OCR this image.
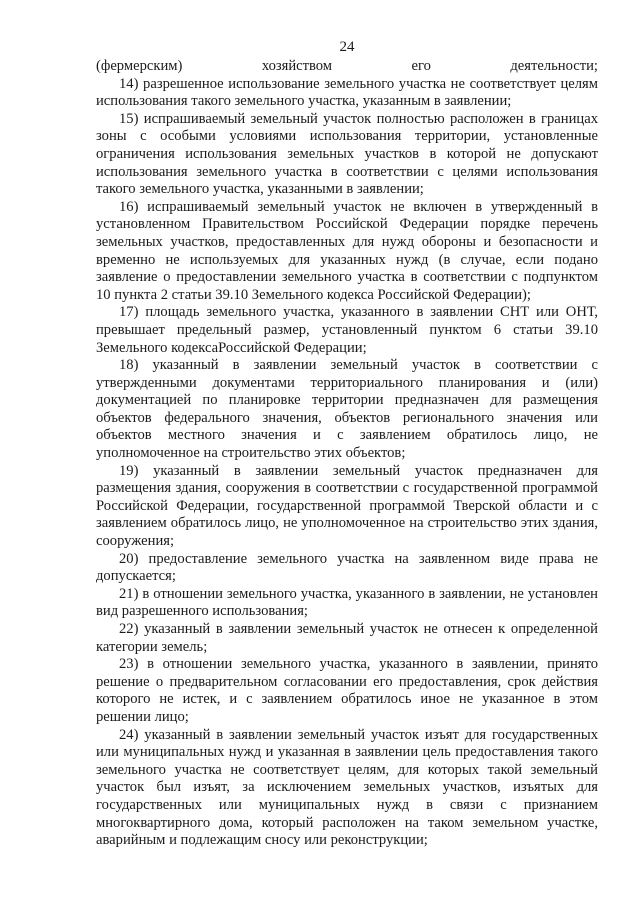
24

(фермерским) хозяйством его деятельности;

14) разрешенное использование земельного участка не соответствует целям использования такого земельного участка, указанным в заявлении;

15) испрашиваемый земельный участок полностью расположен в границах зоны с особыми условиями использования территории, установленные ограничения использования земельных участков в которой не допускают использования земельного участка в соответствии с целями использования такого земельного участка, указанными в заявлении;

16) испрашиваемый земельный участок не включен в утвержденный в установленном Правительством Российской Федерации порядке перечень земельных участков, предоставленных для нужд обороны и безопасности и временно не используемых для указанных нужд (в случае, если подано заявление о предоставлении земельного участка в соответствии с подпунктом 10 пункта 2 статьи 39.10 Земельного кодекса Российской Федерации);

17) площадь земельного участка, указанного в заявлении СНТ или ОНТ, превышает предельный размер, установленный пунктом 6 статьи 39.10 Земельного кодексаРоссийской Федерации;

18) указанный в заявлении земельный участок в соответствии с утвержденными документами территориального планирования и (или) документацией по планировке территории предназначен для размещения объектов федерального значения, объектов регионального значения или объектов местного значения и с заявлением обратилось лицо, не уполномоченное на строительство этих объектов;

19) указанный в заявлении земельный участок предназначен для размещения здания, сооружения в соответствии с государственной программой Российской Федерации, государственной программой Тверской области и с заявлением обратилось лицо, не уполномоченное на строительство этих здания, сооружения;

20) предоставление земельного участка на заявленном виде права не допускается;

21) в отношении земельного участка, указанного в заявлении, не установлен вид разрешенного использования;

22) указанный в заявлении земельный участок не отнесен к определенной категории земель;

23) в отношении земельного участка, указанного в заявлении, принято решение о предварительном согласовании его предоставления, срок действия которого не истек, и с заявлением обратилось иное не указанное в этом решении лицо;

24) указанный в заявлении земельный участок изъят для государственных или муниципальных нужд и указанная в заявлении цель предоставления такого земельного участка не соответствует целям, для которых такой земельный участок был изъят, за исключением земельных участков, изъятых для государственных или муниципальных нужд в связи с признанием многоквартирного дома, который расположен на таком земельном участке, аварийным и подлежащим сносу или реконструкции;
